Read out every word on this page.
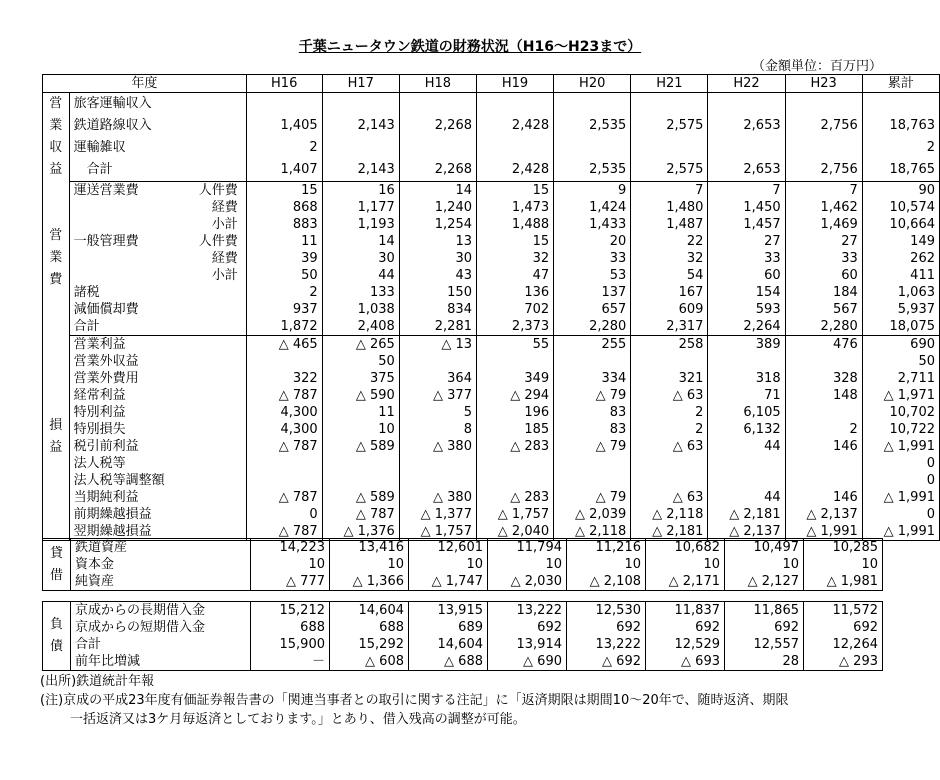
千葉ニュータウン鉄道の財務状況（H16～H23まで）
（金額単位：百万円）
年度			H16	H17	H18	H19	H20	H21	H22	H23	累計

営
業
収
益	旅客運輸収入										
	鉄道路線収入		1,405	2,143	2,268	2,428	2,535	2,575	2,653	2,756	18,763
	運輸雑収		2								2
	　合計		1,407	2,143	2,268	2,428	2,535	2,575	2,653	2,756	18,765

営
業
費	運送営業費	人件費	15	16	14	15	9	7	7	7	90
		経費	868	1,177	1,240	1,473	1,424	1,480	1,450	1,462	10,574
		小計	883	1,193	1,254	1,488	1,433	1,487	1,457	1,469	10,664
	一般管理費	人件費	11	14	13	15	20	22	27	27	149
		経費	39	30	30	32	33	32	33	33	262
		小計	50	44	43	47	53	54	60	60	411
	諸税		2	133	150	136	137	167	154	184	1,063
	減価償却費		937	1,038	834	702	657	609	593	567	5,937
	合計		1,872	2,408	2,281	2,373	2,280	2,317	2,264	2,280	18,075

損
益	営業利益		△ 465	△ 265	△ 13	55	255	258	389	476	690
	営業外収益			50							50
	営業外費用		322	375	364	349	334	321	318	328	2,711
	経常利益		△ 787	△ 590	△ 377	△ 294	△ 79	△ 63	71	148	△ 1,971
	特別利益		4,300	11	5	196	83	2	6,105		10,702
	特別損失		4,300	10	8	185	83	2	6,132	2	10,722
	税引前利益		△ 787	△ 589	△ 380	△ 283	△ 79	△ 63	44	146	△ 1,991
	法人税等										0
	法人税等調整額										0
	当期純利益		△ 787	△ 589	△ 380	△ 283	△ 79	△ 63	44	146	△ 1,991
	前期繰越損益		0	△ 787	△ 1,377	△ 1,757	△ 2,039	△ 2,118	△ 2,181	△ 2,137	0
	翌期繰越損益		△ 787	△ 1,376	△ 1,757	△ 2,040	△ 2,118	△ 2,181	△ 2,137	△ 1,991	△ 1,991
貸
借	鉄道資産	14,223	13,416	12,601	11,794	11,216	10,682	10,497	10,285
	資本金	10	10	10	10	10	10	10	10
	純資産	△ 777	△ 1,366	△ 1,747	△ 2,030	△ 2,108	△ 2,171	△ 2,127	△ 1,981
負
債	京成からの長期借入金	15,212	14,604	13,915	13,222	12,530	11,837	11,865	11,572
	京成からの短期借入金	688	688	689	692	692	692	692	692
	合計	15,900	15,292	14,604	13,914	13,222	12,529	12,557	12,264
	前年比増減	－	△ 608	△ 688	△ 690	△ 692	△ 693	28	△ 293
(出所)鉄道統計年報
(注)京成の平成23年度有価証券報告書の「関連当事者との取引に関する注記」に「返済期限は期間10～20年で、随時返済、期限
一括返済又は3ケ月毎返済としております。」とあり、借入残高の調整が可能。
